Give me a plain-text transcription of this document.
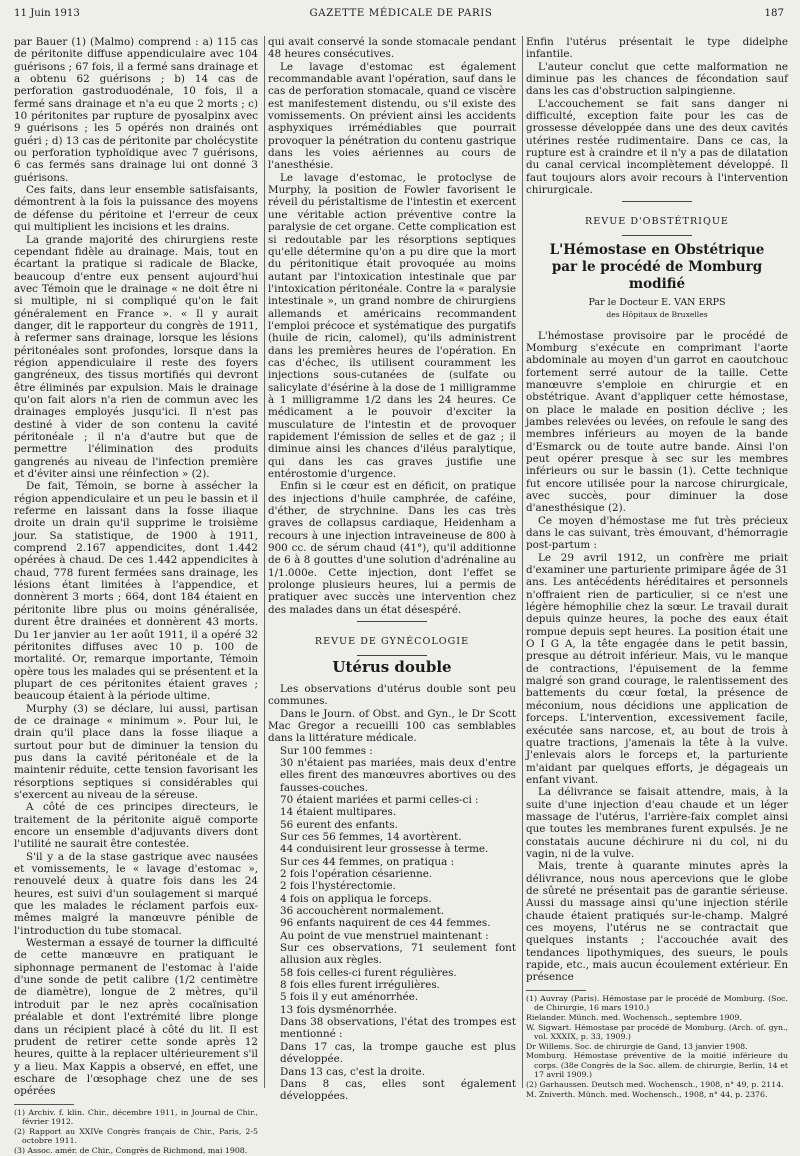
11 Juin 1913	GAZETTE MÉDICALE DE PARIS	187

par Bauer (1) (Malmo) comprend : a) 115 cas de péritonite diffuse appendiculaire avec 104 guérisons ; 67 fois, il a fermé sans drainage et a obtenu 62 guérisons ; b) 14 cas de perforation gastroduodénale, 10 fois, il a fermé sans drainage et n'a eu que 2 morts ; c) 10 péritonites par rupture de pyosalpinx avec 9 guérisons ; les 5 opérés non drainés ont guéri ; d) 13 cas de péritonite par cholécystite ou perforation typhoïdique avec 7 guérisons, 6 cas fermés sans drainage lui ont donné 3 guérisons.

Ces faits, dans leur ensemble satisfaisants, démontrent à la fois la puissance des moyens de défense du péritoine et l'erreur de ceux qui multiplient les incisions et les drains.

La grande majorité des chirurgiens reste cependant fidèle au drainage. Mais, tout en écartant la pratique si radicale de Blacke, beaucoup d'entre eux pensent aujourd'hui avec Témoin que le drainage « ne doit être ni si multiple, ni si compliqué qu'on le fait généralement en France ». « Il y aurait danger, dit le rapporteur du congrès de 1911, à refermer sans drainage, lorsque les lésions péritonéales sont profondes, lorsque dans la région appendiculaire il reste des foyers gangréneux, des tissus mortifiés qui devront être éliminés par expulsion. Mais le drainage qu'on fait alors n'a rien de commun avec les drainages employés jusqu'ici. Il n'est pas destiné à vider de son contenu la cavité péritonéale ; il n'a d'autre but que de permettre l'élimination des produits gangrenés au niveau de l'infection première et d'éviter ainsi une réinfection » (2).

De fait, Témoin, se borne à assécher la région appendiculaire et un peu le bassin et il referme en laissant dans la fosse iliaque droite un drain qu'il supprime le troisième jour. Sa statistique, de 1900 à 1911, comprend 2.167 appendicites, dont 1.442 opérées à chaud. De ces 1.442 appendicites à chaud, 778 furent fermées sans drainage, les lésions étant limitées à l'appendice, et donnèrent 3 morts ; 664, dont 184 étaient en péritonite libre plus ou moins généralisée, durent être drainées et donnèrent 43 morts. Du 1er janvier au 1er août 1911, il a opéré 32 péritonites diffuses avec 10 p. 100 de mortalité. Or, remarque importante, Témoin opère tous les malades qui se présentent et la plupart de ces péritonites étaient graves ; beaucoup étaient à la période ultime.

Murphy (3) se déclare, lui aussi, partisan de ce drainage « minimum ». Pour lui, le drain qu'il place dans la fosse iliaque a surtout pour but de diminuer la tension du pus dans la cavité péritonéale et de la maintenir réduite, cette tension favorisant les résorptions septiques si considérables qui s'exercent au niveau de la séreuse.

A côté de ces principes directeurs, le traitement de la péritonite aiguë comporte encore un ensemble d'adjuvants divers dont l'utilité ne saurait être contestée.

S'il y a de la stase gastrique avec nausées et vomissements, le « lavage d'estomac », renouvelé deux à quatre fois dans les 24 heures, est suivi d'un soulagement si marqué que les malades le réclament parfois eux-mêmes malgré la manœuvre pénible de l'introduction du tube stomacal.

Westerman a essayé de tourner la difficulté de cette manœuvre en pratiquant le siphonnage permanent de l'estomac à l'aide d'une sonde de petit calibre (1/2 centimètre de diamètre), longue de 2 mètres, qu'il introduit par le nez après cocaïnisation préalable et dont l'extrémité libre plonge dans un récipient placé à côté du lit. Il est prudent de retirer cette sonde après 12 heures, quitte à la replacer ultérieurement s'il y a lieu. Max Kappis a observé, en effet, une eschare de l'œsophage chez une de ses opérées

(1) Archiv. f. klin. Chir., décembre 1911, in Journal de Chir., février 1912.

(2) Rapport au XXIVe Congrès français de Chir., Paris, 2-5 octobre 1911.

(3) Assoc. amér. de Chir., Congrès de Richmond, mai 1908.

qui avait conservé la sonde stomacale pendant 48 heures consécutives.

Le lavage d'estomac est également recommandable avant l'opération, sauf dans le cas de perforation stomacale, quand ce viscère est manifestement distendu, ou s'il existe des vomissements. On prévient ainsi les accidents asphyxiques irrémédiables que pourrait provoquer la pénétration du contenu gastrique dans les voies aériennes au cours de l'anesthésie.

Le lavage d'estomac, le protoclyse de Murphy, la position de Fowler favorisent le réveil du péristaltisme de l'intestin et exercent une véritable action préventive contre la paralysie de cet organe. Cette complication est si redoutable par les résorptions septiques qu'elle détermine qu'on a pu dire que la mort du péritonitique était provoquée au moins autant par l'intoxication intestinale que par l'intoxication péritonéale. Contre la « paralysie intestinale », un grand nombre de chirurgiens allemands et américains recommandent l'emploi précoce et systématique des purgatifs (huile de ricin, calomel), qu'ils administrent dans les premières heures de l'opération. En cas d'échec, ils utilisent couramment les injections sous-cutanées de (sulfate ou salicylate d'ésérine à la dose de 1 milligramme à 1 milligramme 1/2 dans les 24 heures. Ce médicament a le pouvoir d'exciter la musculature de l'intestin et de provoquer rapidement l'émission de selles et de gaz ; il diminue ainsi les chances d'iléus paralytique, qui dans les cas graves justifie une entérostomie d'urgence.

Enfin si le cœur est en déficit, on pratique des injections d'huile camphrée, de caféine, d'éther, de strychnine. Dans les cas très graves de collapsus cardiaque, Heidenham a recours à une injection intraveineuse de 800 à 900 cc. de sérum chaud (41°), qu'il additionne de 6 à 8 gouttes d'une solution d'adrénaline au 1/1.000e. Cette injection, dont l'effet se prolonge plusieurs heures, lui a permis de pratiquer avec succès une intervention chez des malades dans un état désespéré.

REVUE DE GYNÉCOLOGIE
Utérus double

Les observations d'utérus double sont peu communes.

Dans le Journ. of Obst. and Gyn., le Dr Scott Mac Gregor a recueilli 100 cas semblables dans la littérature médicale.

Sur 100 femmes :

30 n'étaient pas mariées, mais deux d'entre elles firent des manœuvres abortives ou des fausses-couches.

70 étaient mariées et parmi celles-ci :

14 étaient multipares.

56 eurent des enfants.

Sur ces 56 femmes, 14 avortèrent.

44 conduisirent leur grossesse à terme.

Sur ces 44 femmes, on pratiqua :

2 fois l'opération césarienne.

2 fois l'hystérectomie.

4 fois on appliqua le forceps.

36 accouchèrent normalement.

96 enfants naquirent de ces 44 femmes.

Au point de vue menstruel maintenant :

Sur ces observations, 71 seulement font allusion aux règles.

58 fois celles-ci furent régulières.

8 fois elles furent irrégulières.

5 fois il y eut aménorrhée.

13 fois dysménorrhée.

Dans 38 observations, l'état des trompes est mentionné :

Dans 17 cas, la trompe gauche est plus développée.

Dans 13 cas, c'est la droite.

Dans 8 cas, elles sont également développées.

Enfin l'utérus présentait le type didelphe infantile.

L'auteur conclut que cette malformation ne diminue pas les chances de fécondation sauf dans les cas d'obstruction salpingienne.

L'accouchement se fait sans danger ni difficulté, exception faite pour les cas de grossesse développée dans une des deux cavités utérines restée rudimentaire. Dans ce cas, la rupture est à craindre et il n'y a pas de dilatation du canal cervical incomplètement développé. Il faut toujours alors avoir recours à l'intervention chirurgicale.

REVUE D'OBSTÉTRIQUE
L'Hémostase en Obstétrique
par le procédé de Momburg modifié
Par le Docteur E. VAN ERPS
des Hôpitaux de Bruxelles

L'hémostase provisoire par le procédé de Momburg s'exécute en comprimant l'aorte abdominale au moyen d'un garrot en caoutchouc fortement serré autour de la taille. Cette manœuvre s'emploie en chirurgie et en obstétrique. Avant d'appliquer cette hémostase, on place le malade en position déclive ; les jambes relevées ou levées, on refoule le sang des membres inférieurs au moyen de la bande d'Esmarck ou de toute autre bande. Ainsi l'on peut opérer presque à sec sur les membres inférieurs ou sur le bassin (1). Cette technique fut encore utilisée pour la narcose chirurgicale, avec succès, pour diminuer la dose d'anesthésique (2).

Ce moyen d'hémostase me fut très précieux dans le cas suivant, très émouvant, d'hémorragie post-partum :

Le 29 avril 1912, un confrère me priait d'examiner une parturiente primipare âgée de 31 ans. Les antécédents héréditaires et personnels n'offraient rien de particulier, si ce n'est une légère hémophilie chez la sœur. Le travail durait depuis quinze heures, la poche des eaux était rompue depuis sept heures. La position était une O I G A, la tête engagée dans le petit bassin, presque au détroit inférieur. Mais, vu le manque de contractions, l'épuisement de la femme malgré son grand courage, le ralentissement des battements du cœur fœtal, la présence de méconium, nous décidions une application de forceps. L'intervention, excessivement facile, exécutée sans narcose, et, au bout de trois à quatre tractions, j'amenais la tête à la vulve. J'enlevais alors le forceps et, la parturiente m'aidant par quelques efforts, je dégageais un enfant vivant.

La délivrance se faisait attendre, mais, à la suite d'une injection d'eau chaude et un léger massage de l'utérus, l'arrière-faix complet ainsi que toutes les membranes furent expulsés. Je ne constatais aucune déchirure ni du col, ni du vagin, ni de la vulve.

Mais, trente à quarante minutes après la délivrance, nous nous apercevions que le globe de sûreté ne présentait pas de garantie sérieuse. Aussi du massage ainsi qu'une injection stérile chaude étaient pratiqués sur-le-champ. Malgré ces moyens, l'utérus ne se contractait que quelques instants ; l'accouchée avait des tendances lipothymiques, des sueurs, le pouls rapide, etc., mais aucun écoulement extérieur. En présence

(1) Auvray (Paris). Hémostase par le procédé de Momburg. (Soc. de Chirurgie, 16 mars 1910.)

Rielander. Münch. med. Wochensch., septembre 1909.

W. Sigwart. Hémostase par procédé de Momburg. (Arch. of. gyn., vol. XXXIX, p. 33, 1909.)

Dr Willems. Soc. de chirurgie de Gand, 13 janvier 1908.

Momburg. Hémostase préventive de la moitié inférieure du corps. (38e Congrès de la Soc. allem. de chirurgie, Berlin, 14 et 17 avril 1909.)

(2) Garhaussen. Deutsch med. Wochensch., 1908, n° 49, p. 2114.

M. Zniverth. Münch. med. Wochensch., 1908, n° 44, p. 2376.
